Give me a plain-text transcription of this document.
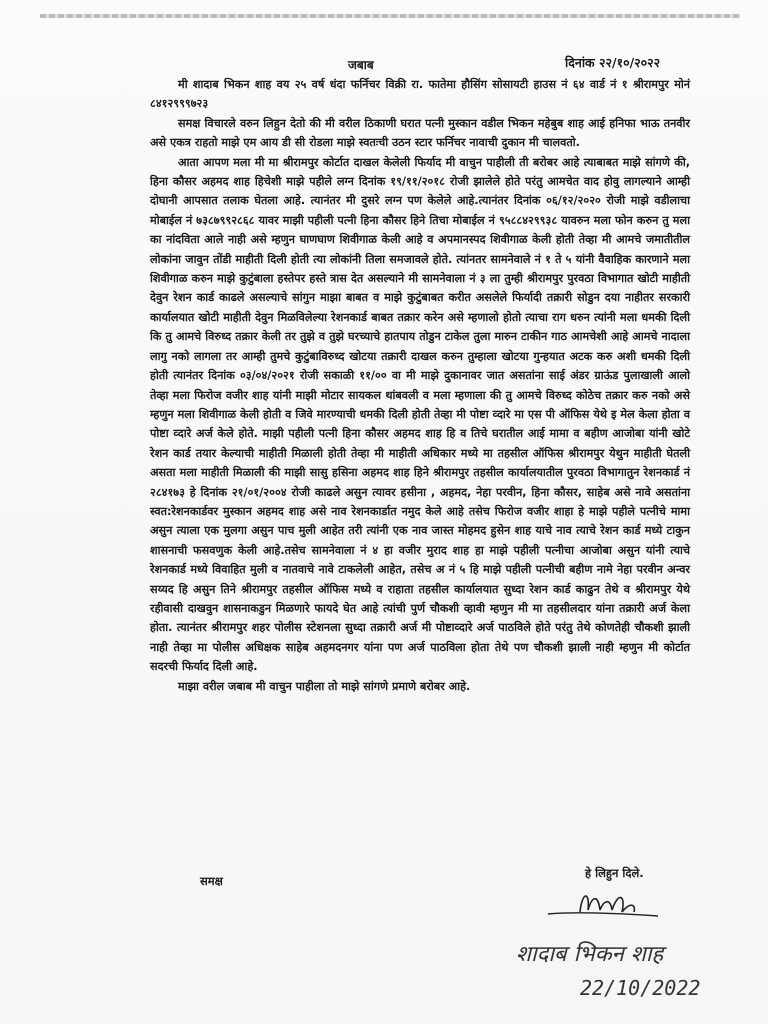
जबाब	दिनांक २२/१०/२०२२

मी शादाब भिकन शाह वय २५ वर्ष धंदा फर्निचर विक्री रा. फातेमा हौसिंग सोसायटी हाउस नं ६४ वार्ड नं १ श्रीरामपुर मोनं ८४१२९९९७२३

समक्ष विचारले वरुन लिहुन देतो की मी वरील ठिकाणी घरात पत्नी मुस्कान वडील भिकन महेबुब शाह आई हनिफा भाऊ तनवीर असे एकत्र राहतो माझे एम आय डी सी रोडला माझे स्वतःची उठन स्टार फर्निचर नावाची दुकान मी चालवतो.

आता आपण मला मी मा श्रीरामपुर कोर्टात दाखल केलेली फिर्याद मी वाचुन पाहीली ती बरोबर आहे त्याबाबत माझे सांगणे की, हिना कौसर अहमद शाह हिचेशी माझे पहीले लग्न दिनांक १९/११/२०१८ रोजी झालेले होते परंतु आमचेत वाद होवु लागल्याने आम्ही दोघानी आपसात तलाक घेतला आहे. त्यानंतर मी दुसरे लग्न पण केलेले आहे.त्यानंतर दिनांक ०६/१२/२०२० रोजी माझे वडीलाचा मोबाईल नं ७३८७९९२८६८ यावर माझी पहीली पत्नी हिना कौसर हिने तिचा मोबाईल नं ९५८८४२९९३८ यावरुन मला फोन करुन तु मला का नांदविता आले नाही असे म्हणुन घाणघाण शिवीगाळ केली आहे व अपमानस्पद शिवीगाळ केली होती तेव्हा मी आमचे जमातीतील लोकांना जावुन तोंडी माहीती दिली होती त्या लोकांनी तिला समजावले होते. त्यांनतर सामनेवाले नं १ ते ५ यांनी वैवाहिक कारणाने मला शिवीगाळ करुन माझे कुटुंबाला हस्तेपर हस्ते त्रास देत असल्याने मी सामनेवाला नं ३ ला तुम्ही श्रीरामपुर पुरवठा विभागात खोटी माहीती देवुन रेशन कार्ड काढले असल्याचे सांगुन माझा बाबत व माझे कुटुंबाबत करीत असलेले फिर्यादी तक्रारी सोडुन दया नाहीतर सरकारी कार्यालयात खोटी माहीती देवुन मिळविलेल्या रेशनकार्ड बाबत तक्रार करेन असे म्हणालो होतो त्याचा राग धरुन त्यांनी मला धमकी दिली कि तु आमचे विरुध्द तक्रार केली तर तुझे व तुझे घरच्याचे हातपाय तोडुन टाकेल तुला मारुन टाकीन गाठ आमचेशी आहे आमचे नादाला लागु नको लागला तर आम्ही तुमचे कुटुंबाविरुध्द खोटया तक्रारी दाखल करुन तुम्हाला खोटया गुन्हयात अटक करु अशी धमकी दिली होती त्यानंतर दिनांक ०३/०४/२०२१ रोजी सकाळी ११/०० वा मी माझे दुकानावर जात असतांना साई अंडर ग्राऊंड पुलाखाली आलो तेव्हा मला फिरोज वजीर शाह यांनी माझी मोटार सायकल थांबवली व मला म्हणाला की तु आमचे विरुध्द कोठेच तक्रार करु नको असे म्हणुन मला शिवीगाळ केली होती व जिवे मारण्याची धमकी दिली होती तेव्हा मी पोष्टा व्दारे मा एस पी ऑफिस येथे इ मेल केला होता व पोष्टा व्दारे अर्ज केले होते. माझी पहीली पत्नी हिना कौसर अहमद शाह हि व तिचे घरातील आई मामा व बहीण आजोबा यांनी खोटे रेशन कार्ड तयार केल्याची माहीती मिळाली होती तेव्हा मी माहीती अधिकार मध्ये मा तहसील ऑफिस श्रीरामपुर येथुन माहीती घेतली असता मला माहीती मिळाली की माझी सासु हसिना अहमद शाह हिने श्रीरामपुर तहसील कार्यालयातील पुरवठा विभागातुन रेशनकार्ड नं २८४१७३ हे दिनांक २१/०१/२००४ रोजी काढले असुन त्यावर हसीना , अहमद, नेहा परवीन, हिना कौसर, साहेब असे नावे असतांना स्वत:रेशनकार्डवर मुस्कान अहमद शाह असे नाव रेशनकार्डात नमुद केले आहे तसेच फिरोज वजीर शाहा हे माझे पहीले पत्नीचे मामा असुन त्याला एक मुलगा असुन पाच मुली आहेत तरी त्यांनी एक नाव जास्त मोहमद हुसेन शाह याचे नाव त्याचे रेशन कार्ड मध्ये टाकुन शासनाची फसवणुक केली आहे.तसेच सामनेवाला नं ४ हा वजीर मुराद शाह हा माझे पहीली पत्नीचा आजोबा असुन यांनी त्याचे रेशनकार्ड मध्ये विवाहित मुली व नातवाचे नावे टाकलेली आहेत, तसेच अ नं ५ हि माझे पहीली पत्नीची बहीण नामे नेहा परवीन अन्वर सय्यद हि असुन तिने श्रीरामपुर तहसील ऑफिस मध्ये व राहाता तहसील कार्यालयात सुध्दा रेशन कार्ड काढुन तेथे व श्रीरामपुर येथे रहीवासी दाखवुन शासनाकडुन मिळणारे फायदे घेत आहे त्यांची पुर्ण चौकशी व्हावी म्हणुन मी मा तहसीलदार यांना तक्रारी अर्ज केला होता. त्यानंतर श्रीरामपुर शहर पोलीस स्टेशनला सुध्दा तक्रारी अर्ज मी पोष्टाव्दारे अर्ज पाठविले होते परंतु तेथे कोणतेही चौकशी झाली नाही तेव्हा मा पोलीस अधिक्षक साहेब अहमदनगर यांना पण अर्ज पाठविला होता तेथे पण चौकशी झाली नाही म्हणुन मी कोर्टात सदरची फिर्याद दिली आहे.

माझा वरील जबाब मी वाचुन पाहीला तो माझे सांगणे प्रमाणे बरोबर आहे.

समक्ष
हे लिहुन दिले.
शादाब भिकन शाह
22/10/2022
